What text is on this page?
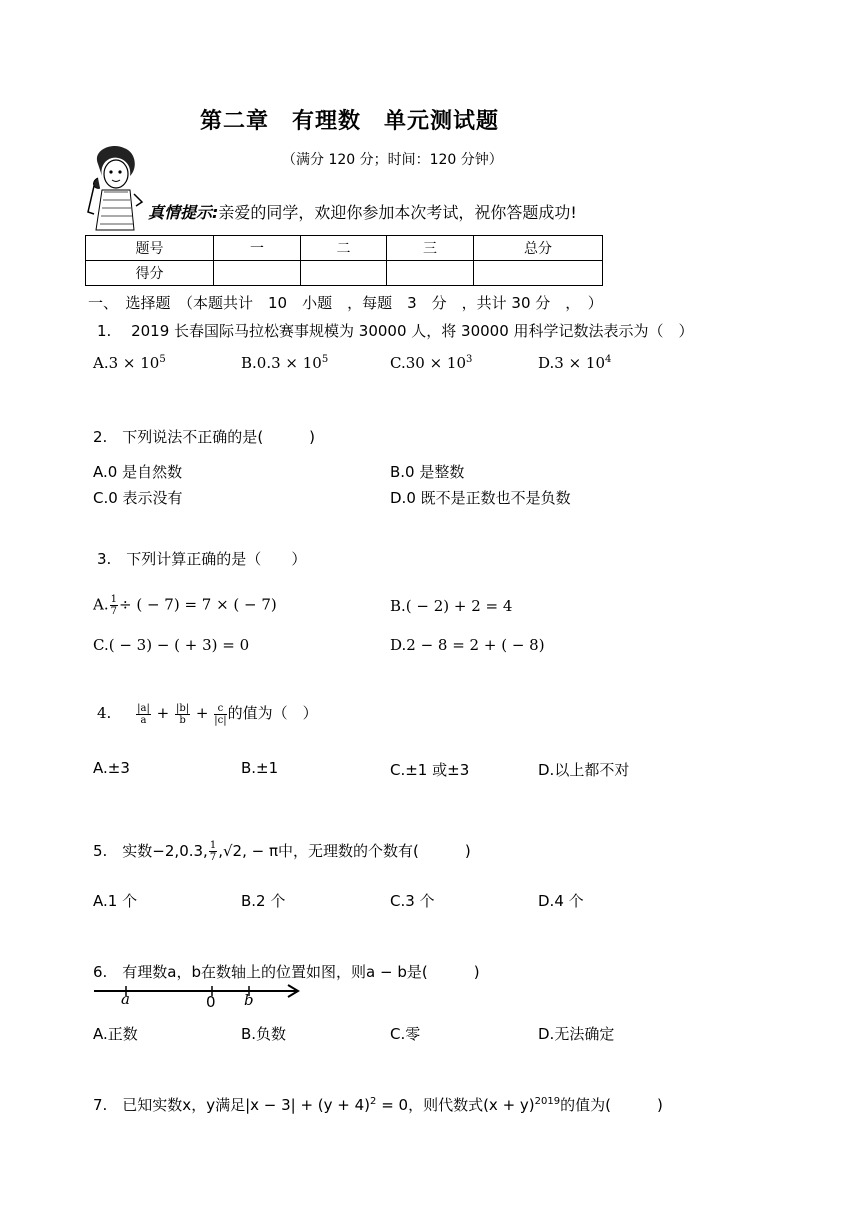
第二章　有理数　单元测试题
（满分 120 分；时间：120 分钟）
真情提示:亲爱的同学，欢迎你参加本次考试，祝你答题成功!
题号	一	二	三	总分
得分				
一、　选择题　（本题共计　10　小题　，每题　3　分　，共计 30 分　，　）
1.　 2019 长春国际马拉松赛事规模为 30000 人，将 30000 用科学记数法表示为（　）
$A.3 \times 10^5$	$B.0.3 \times 10^5$	$C.30 \times 10^3$	$D.3 \times 10^4$
2.　下列说法不正确的是(	)
A.0 是自然数	B.0 是整数
C.0 表示没有	D.0 既不是正数也不是负数
3.　下列计算正确的是（　　）
A. $\frac{1}{7}$ ÷ ( − 7) = 7 × ( − 7)	B.( − 2) + 2 = 4
C.( − 3) − ( + 3) = 0	D.2 − 8 = 2 + ( − 8)
4. $\frac{|a|}{a} + \frac{|b|}{b} + \frac{c}{|c|}$ 的值为（　）
A.±3	B.±1	C.±1 或±3	D.以上都不对
5.　实数−2,0.3, $\frac{1}{7} ,√2$, − π中，无理数的个数有(	)
A.1 个	B.2 个	C.3 个	D.4 个
6.　有理数a，b在数轴上的位置如图，则a − b是(	)
a	0 b
A.正数	B.负数	C.零	D.无法确定
7.　已知实数x，y满足$|x - 3| + (y + 4)^2 = 0$，则代数式$(x + y)^{2019}$的值为(	)
